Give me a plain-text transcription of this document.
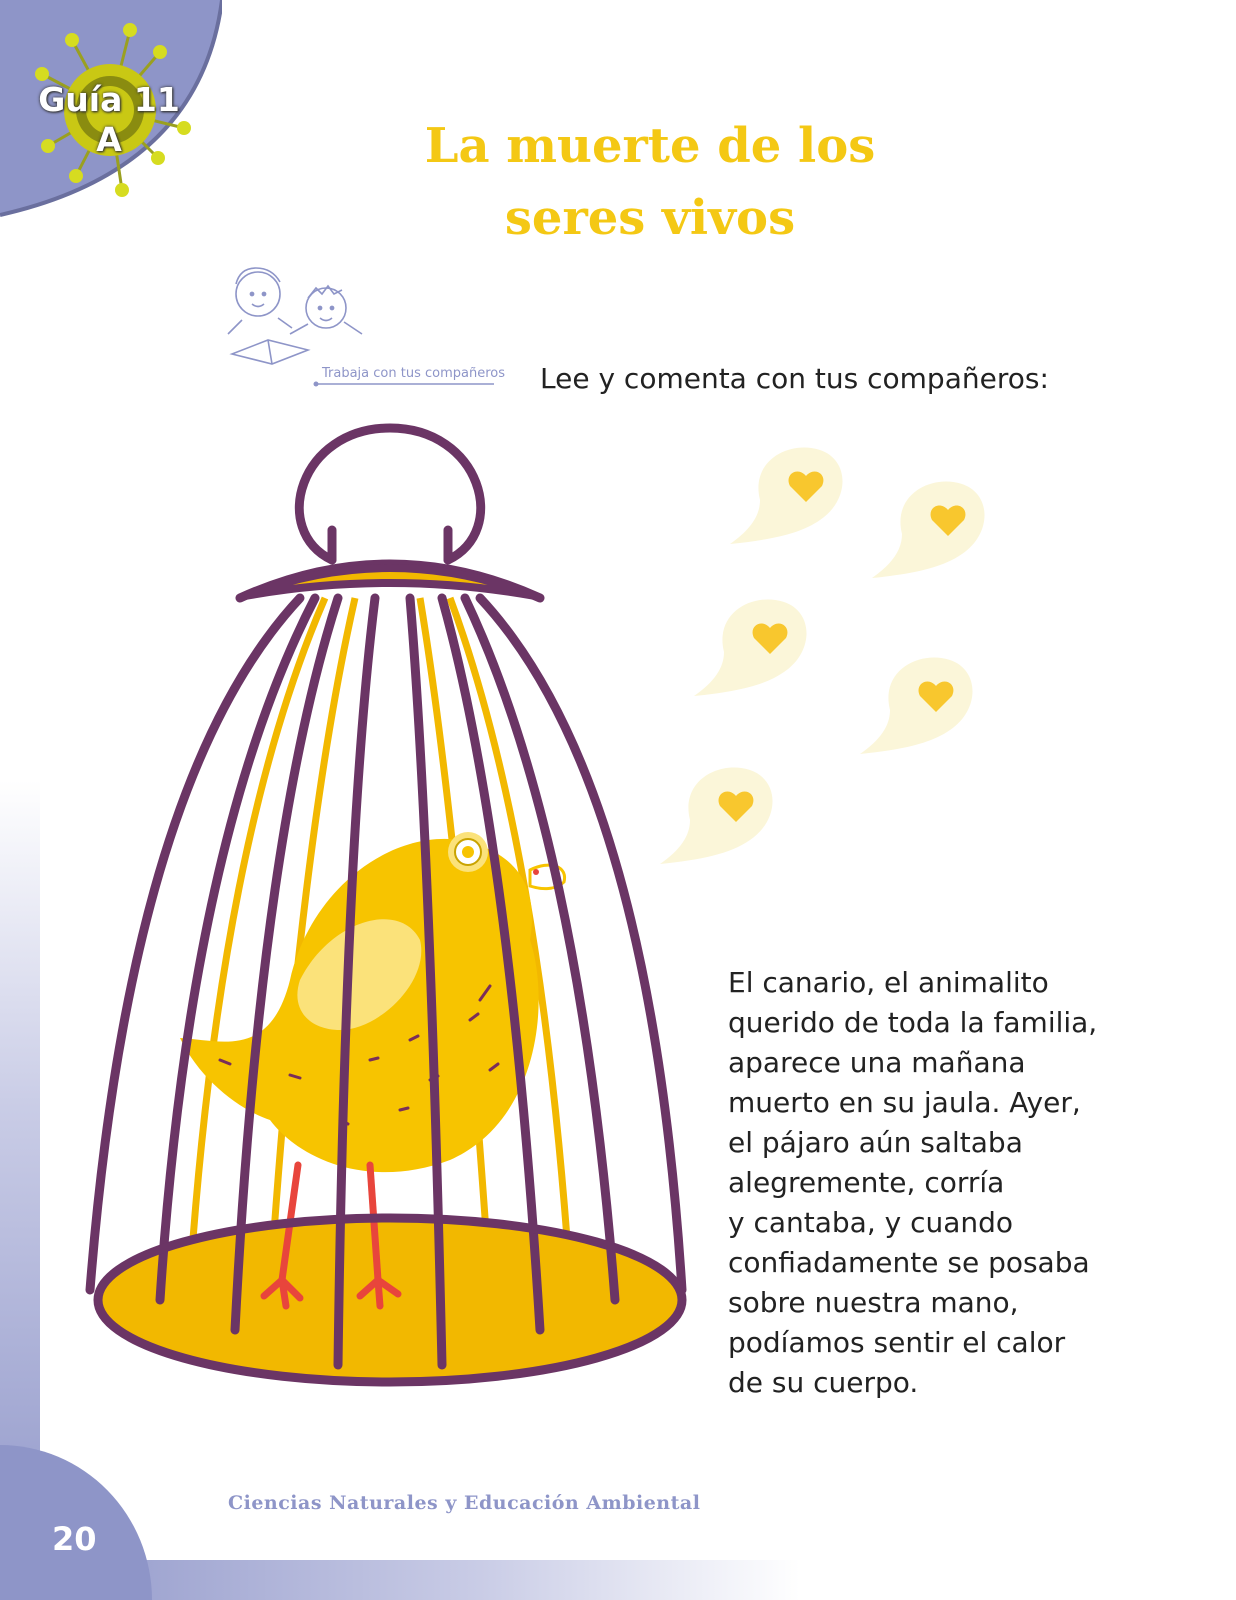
Guía 11
A	La muerte de los
seres vivos
Trabaja con tus compañeros Lee y comenta con tus compañeros:
El canario, el animalito
querido de toda la familia,
aparece una mañana
muerto en su jaula. Ayer,
el pájaro aún saltaba
alegremente, corría
y cantaba, y cuando
confiadamente se posaba
sobre nuestra mano,
podíamos sentir el calor
de su cuerpo.
Ciencias Naturales y Educación Ambiental
20
